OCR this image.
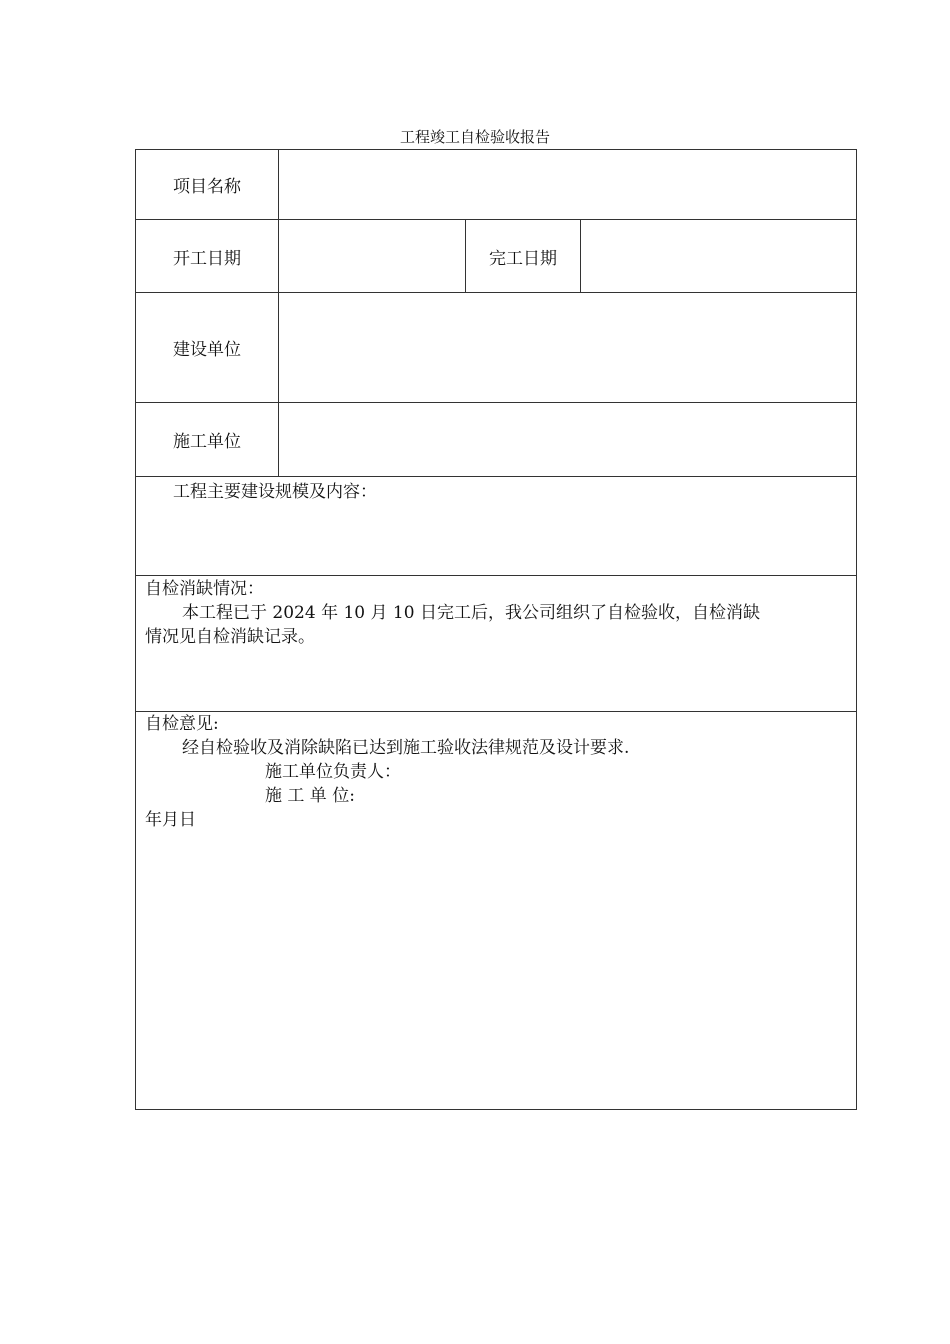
工程竣工自检验收报告
项目名称
开工日期	完工日期
建设单位
施工单位
工程主要建设规模及内容：
自检消缺情况：
本工程已于 2024 年 10 月 10 日完工后，我公司组织了自检验收，自检消缺
情况见自检消缺记录。
自检意见:
经自检验收及消除缺陷已达到施工验收法律规范及设计要求.
施工单位负责人：
施 工 单 位:
年月日
